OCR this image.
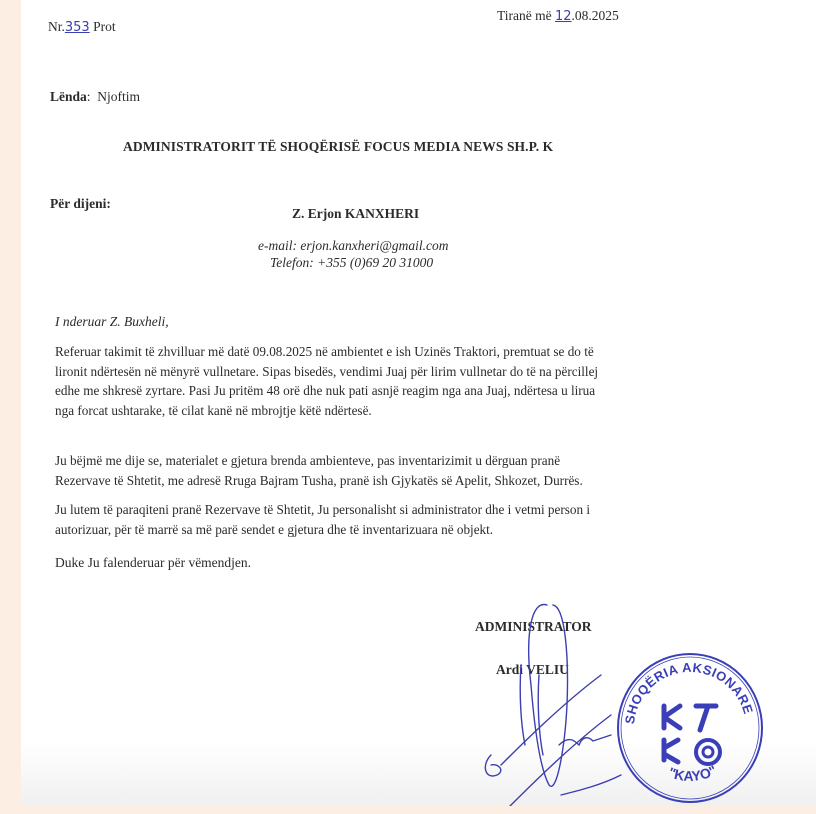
Nr.353 Prot
Tiranë më 12.08.2025
Lënda: Njoftim
ADMINISTRATORIT TË SHOQËRISË FOCUS MEDIA NEWS SH.P. K
Për dijeni:
Z. Erjon KANXHERI
e-mail: erjon.kanxheri@gmail.com
Telefon: +355 (0)69 20 31000
I nderuar Z. Buxheli,
Referuar takimit të zhvilluar më datë 09.08.2025 në ambientet e ish Uzinës Traktori, premtuat se do të
lironit ndërtesën në mënyrë vullnetare. Sipas bisedës, vendimi Juaj për lirim vullnetar do të na përcillej
edhe me shkresë zyrtare. Pasi Ju pritëm 48 orë dhe nuk pati asnjë reagim nga ana Juaj, ndërtesa u lirua
nga forcat ushtarake, të cilat kanë në mbrojtje këtë ndërtesë.
Ju bëjmë me dije se, materialet e gjetura brenda ambienteve, pas inventarizimit u dërguan pranë
Rezervave të Shtetit, me adresë Rruga Bajram Tusha, pranë ish Gjykatës së Apelit, Shkozet, Durrës.
Ju lutem të paraqiteni pranë Rezervave të Shtetit, Ju personalisht si administrator dhe i vetmi person i
autorizuar, për të marrë sa më parë sendet e gjetura dhe të inventarizuara në objekt.
Duke Ju falenderuar për vëmendjen.
ADMINISTRATOR
Ardi VELIU
SHOQËRIA AKSIONARE
"KAYO"
